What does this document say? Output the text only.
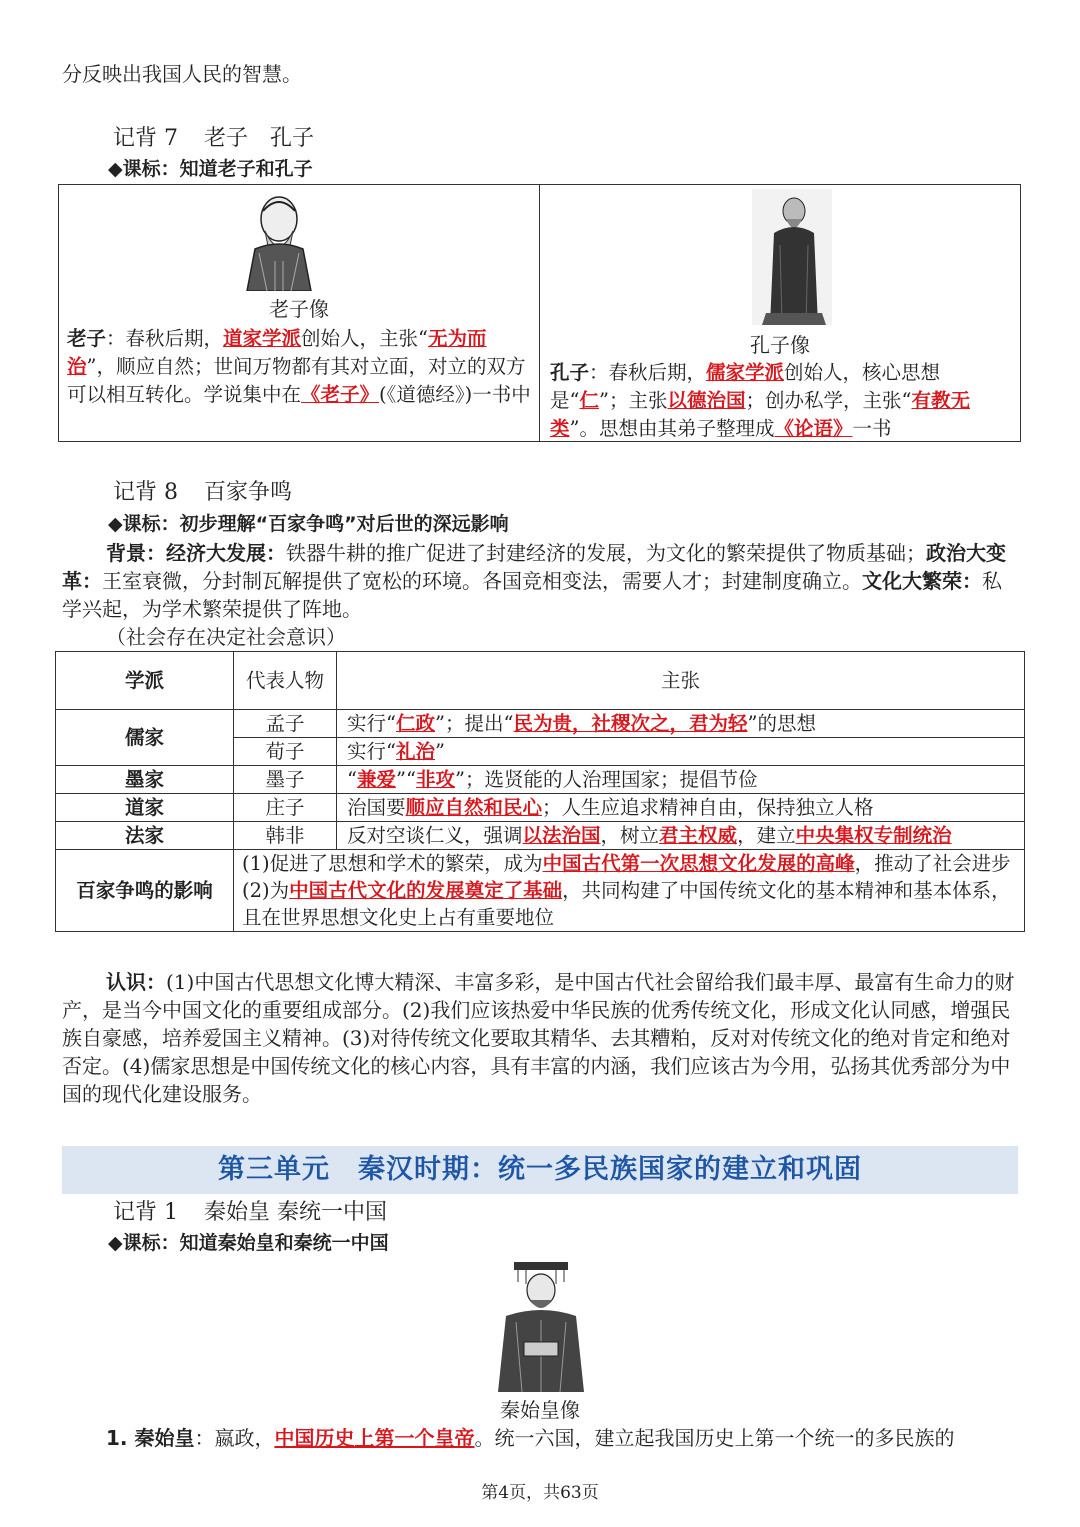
分反映出我国人民的智慧。
记背 7 老子　孔子
◆课标：知道老子和孔子
老子像
老子：春秋后期，道家学派创始人，主张“无为而治”，顺应自然；世间万物都有其对立面，对立的双方可以相互转化。学说集中在《老子》(《道德经》)一书中
孔子像
孔子：春秋后期，儒家学派创始人，核心思想是“仁”；主张以德治国；创办私学，主张“有教无类”。思想由其弟子整理成《论语》一书
记背 8 百家争鸣
◆课标：初步理解“百家争鸣”对后世的深远影响
背景：经济大发展：铁器牛耕的推广促进了封建经济的发展，为文化的繁荣提供了物质基础；政治大变革：王室衰微，分封制瓦解提供了宽松的环境。各国竞相变法，需要人才；封建制度确立。文化大繁荣：私学兴起，为学术繁荣提供了阵地。
（社会存在决定社会意识）
学派	代表人物	主张
儒家	孟子	实行“仁政”；提出“民为贵，社稷次之，君为轻”的思想
	荀子	实行“礼治”
墨家	墨子	“兼爱”“非攻”；选贤能的人治理国家；提倡节俭
道家	庄子	治国要顺应自然和民心；人生应追求精神自由，保持独立人格
法家	韩非	反对空谈仁义，强调以法治国，树立君主权威，建立中央集权专制统治
百家争鸣的影响	(1)促进了思想和学术的繁荣，成为中国古代第一次思想文化发展的高峰，推动了社会进步
(2)为中国古代文化的发展奠定了基础，共同构建了中国传统文化的基本精神和基本体系，且在世界思想文化史上占有重要地位	
认识：(1)中国古代思想文化博大精深、丰富多彩，是中国古代社会留给我们最丰厚、最富有生命力的财产，是当今中国文化的重要组成部分。(2)我们应该热爱中华民族的优秀传统文化，形成文化认同感，增强民族自豪感，培养爱国主义精神。(3)对待传统文化要取其精华、去其糟粕，反对对传统文化的绝对肯定和绝对否定。(4)儒家思想是中国传统文化的核心内容，具有丰富的内涵，我们应该古为今用，弘扬其优秀部分为中国的现代化建设服务。
第三单元　秦汉时期：统一多民族国家的建立和巩固
记背 1 秦始皇 秦统一中国
◆课标：知道秦始皇和秦统一中国
秦始皇像
1. 秦始皇：嬴政，中国历史上第一个皇帝。统一六国，建立起我国历史上第一个统一的多民族的
第4页，共63页
